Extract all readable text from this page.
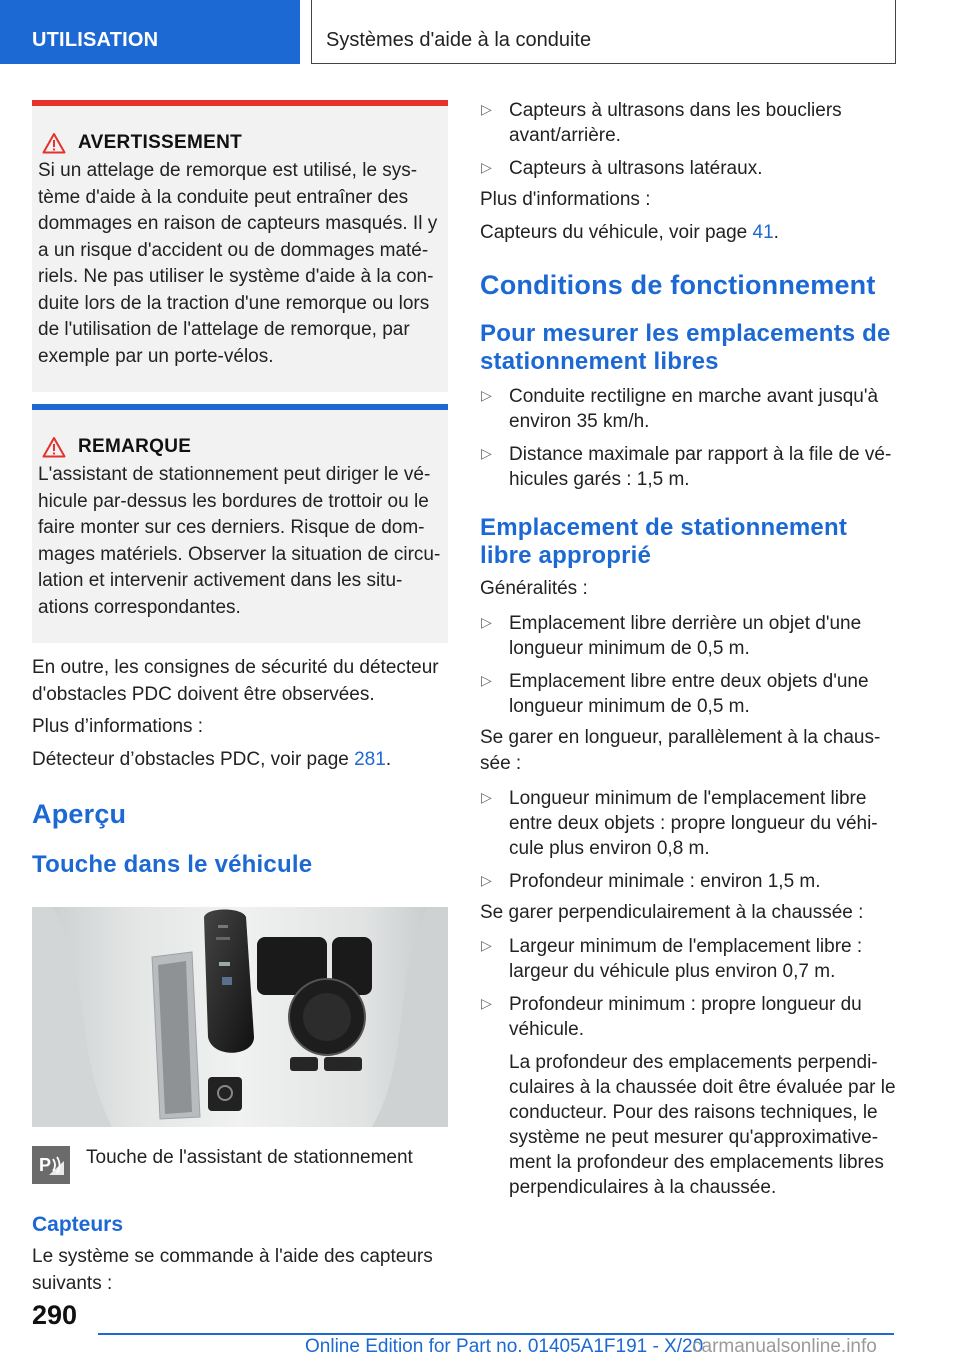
UTILISATION	Systèmes d'aide à la conduite
AVERTISSEMENT
Si un attelage de remorque est utilisé, le sys-tème d'aide à la conduite peut entraîner des dommages en raison de capteurs masqués. Il y a un risque d'accident ou de dommages maté-riels. Ne pas utiliser le système d'aide à la con-duite lors de la traction d'une remorque ou lors de l'utilisation de l'attelage de remorque, par exemple par un porte-vélos.
REMARQUE
L'assistant de stationnement peut diriger le vé-hicule par-dessus les bordures de trottoir ou le faire monter sur ces derniers. Risque de dom-mages matériels. Observer la situation de circu-lation et intervenir activement dans les situ-ations correspondantes.

En outre, les consignes de sécurité du détecteur d'obstacles PDC doivent être observées.

Plus d’informations :

Détecteur d’obstacles PDC, voir page 281.

Aperçu
Touche dans le véhicule
P Touche de l'assistant de stationnement
Capteurs

Le système se commande à l'aide des capteurs suivants :

▷ Capteurs à ultrasons dans les boucliers avant/arrière.
▷ Capteurs à ultrasons latéraux.

Plus d'informations :

Capteurs du véhicule, voir page 41.

Conditions de fonctionnement
Pour mesurer les emplacements de stationnement libres
▷ Conduite rectiligne en marche avant jusqu'à environ 35 km/h.
▷ Distance maximale par rapport à la file de vé-hicules garés : 1,5 m.
Emplacement de stationnement libre approprié

Généralités :

▷ Emplacement libre derrière un objet d'une longueur minimum de 0,5 m.
▷ Emplacement libre entre deux objets d'une longueur minimum de 0,5 m.

Se garer en longueur, parallèlement à la chaus-sée :

▷ Longueur minimum de l'emplacement libre entre deux objets : propre longueur du véhi-cule plus environ 0,8 m.
▷ Profondeur minimale : environ 1,5 m.

Se garer perpendiculairement à la chaussée :

▷ Largeur minimum de l'emplacement libre : largeur du véhicule plus environ 0,7 m.
▷ Profondeur minimum : propre longueur du véhicule.
La profondeur des emplacements perpendi-culaires à la chaussée doit être évaluée par le conducteur. Pour des raisons techniques, le système ne peut mesurer qu'approximative-ment la profondeur des emplacements libres perpendiculaires à la chaussée.
290
Online Edition for Part no. 01405A1F191 - X/20
carmanualsonline.info
